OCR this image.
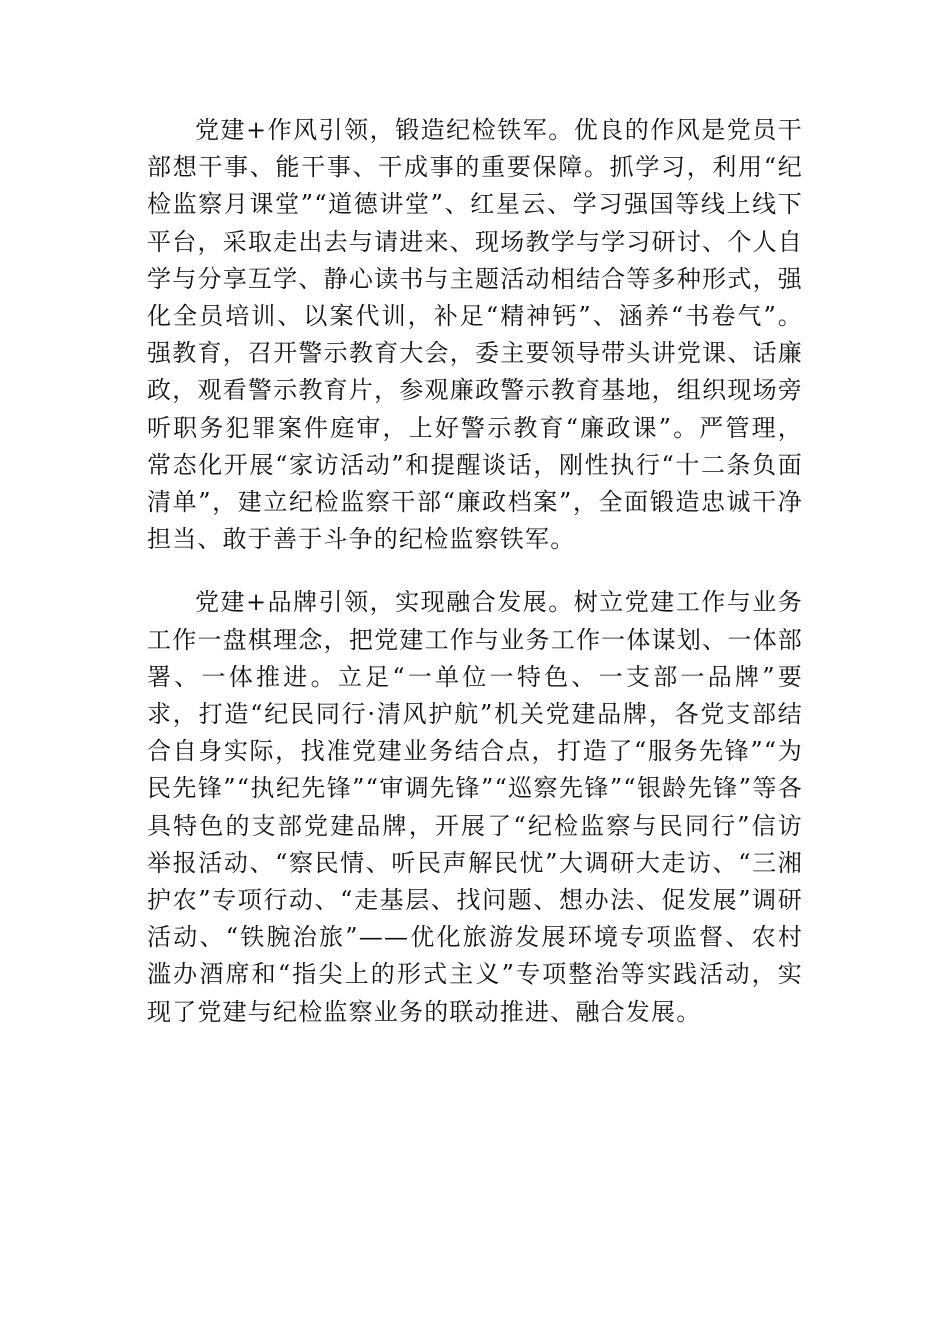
党建+作风引领，锻造纪检铁军。优良的作风是党员干部想干事、能干事、干成事的重要保障。抓学习，利用“纪检监察月课堂”“道德讲堂”、红星云、学习强国等线上线下平台，采取走出去与请进来、现场教学与学习研讨、个人自学与分享互学、静心读书与主题活动相结合等多种形式，强化全员培训、以案代训，补足“精神钙”、涵养“书卷气”。强教育，召开警示教育大会，委主要领导带头讲党课、话廉政，观看警示教育片，参观廉政警示教育基地，组织现场旁听职务犯罪案件庭审，上好警示教育“廉政课”。严管理，常态化开展“家访活动”和提醒谈话，刚性执行“十二条负面清单”，建立纪检监察干部“廉政档案”，全面锻造忠诚干净担当、敢于善于斗争的纪检监察铁军。

党建+品牌引领，实现融合发展。树立党建工作与业务工作一盘棋理念，把党建工作与业务工作一体谋划、一体部署、一体推进。立足“一单位一特色、一支部一品牌”要求，打造“纪民同行·清风护航”机关党建品牌，各党支部结合自身实际，找准党建业务结合点，打造了“服务先锋”“为民先锋”“执纪先锋”“审调先锋”“巡察先锋”“银龄先锋”等各具特色的支部党建品牌，开展了“纪检监察与民同行”信访举报活动、“察民情、听民声解民忧”大调研大走访、“三湘护农”专项行动、“走基层、找问题、想办法、促发展”调研活动、“铁腕治旅”——优化旅游发展环境专项监督、农村滥办酒席和“指尖上的形式主义”专项整治等实践活动，实现了党建与纪检监察业务的联动推进、融合发展。
